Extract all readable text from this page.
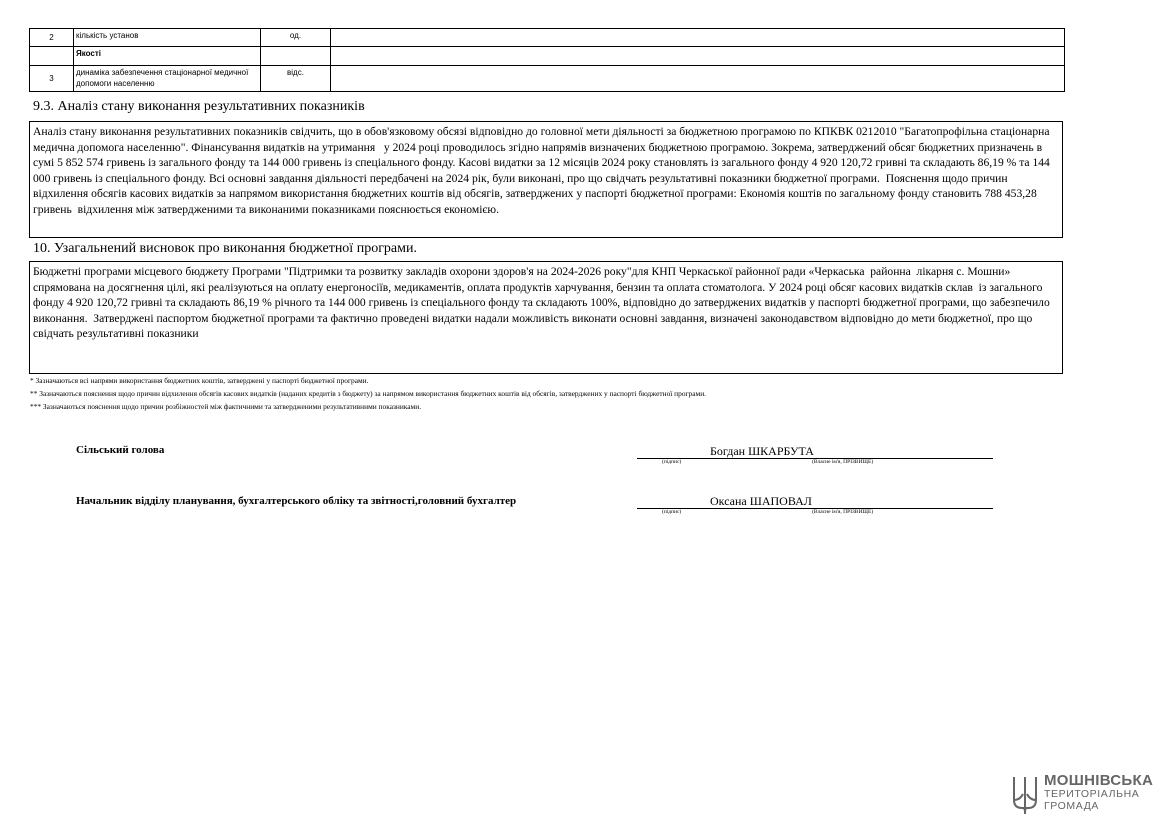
2	кількість установ	од.	
	Якості		
3	динаміка забезпечення стаціонарної медичної допомоги населенню	відс.	
9.3. Аналіз стану виконання результативних показників
Аналіз стану виконання результативних показників свідчить, що в обов'язковому обсязі відповідно до головної мети діяльності за бюджетною програмою по КПКВК 0212010 "Багатопрофільна стаціонарна медична допомога населенню". Фінансування видатків на утримання   у 2024 році проводилось згідно напрямів визначених бюджетною програмою. Зокрема, затверджений обсяг бюджетних призначень в сумі 5 852 574 гривень із загального фонду та 144 000 гривень із спеціального фонду. Касові видатки за 12 місяців 2024 року становлять із загального фонду 4 920 120,72 гривні та складають 86,19 % та 144 000 гривень із спеціального фонду. Всі основні завдання діяльності передбачені на 2024 рік, були виконані, про що свідчать результативні показники бюджетної програми.  Пояснення щодо причин відхилення обсягів касових видатків за напрямом використання бюджетних коштів від обсягів, затверджених у паспорті бюджетної програми: Економія коштів по загальному фонду становить 788 453,28 гривень  відхилення між затвердженими та виконаними показниками пояснюється економією.
10. Узагальнений висновок про виконання бюджетної програми.
Бюджетні програми місцевого бюджету Програми "Підтримки та розвитку закладів охорони здоров'я на 2024-2026 року"для КНП Черкаської районної ради «Черкаська  районна  лікарня с. Мошни» спрямована на досягнення цілі, які реалізуються на оплату енергоносіїв, медикаментів, оплата продуктів харчування, бензин та оплата стоматолога. У 2024 році обсяг касових видатків склав  із загального фонду 4 920 120,72 гривні та складають 86,19 % річного та 144 000 гривень із спеціального фонду та складають 100%, відповідно до затверджених видатків у паспорті бюджетної програми, що забезпечило виконання.  Затверджені паспортом бюджетної програми та фактично проведені видатки надали можливість виконати основні завдання, визначені законодавством відповідно до мети бюджетної, про що свідчать результативні показники
* Зазначаються всі напрями використання бюджетних коштів, затверджені у паспорті бюджетної програми.
** Зазначаються пояснення щодо причин відхилення обсягів касових видатків (наданих кредитів з бюджету) за напрямом використання бюджетних коштів від обсягів, затверджених у паспорті бюджетної програми.
*** Зазначаються пояснення щодо причин розбіжностей між фактичними та затвердженими результативними показниками.
Сільський голова	Богдан ШКАРБУТА
(підпис)	(Власне ім'я, ПРІЗВИЩЕ)
Начальник відділу планування, бухгалтерського обліку та звітності,головний бухгалтер	Оксана ШАПОВАЛ
(підпис)	(Власне ім'я, ПРІЗВИЩЕ)
МОШНІВСЬКА
ТЕРИТОРІАЛЬНА
ГРОМАДА
